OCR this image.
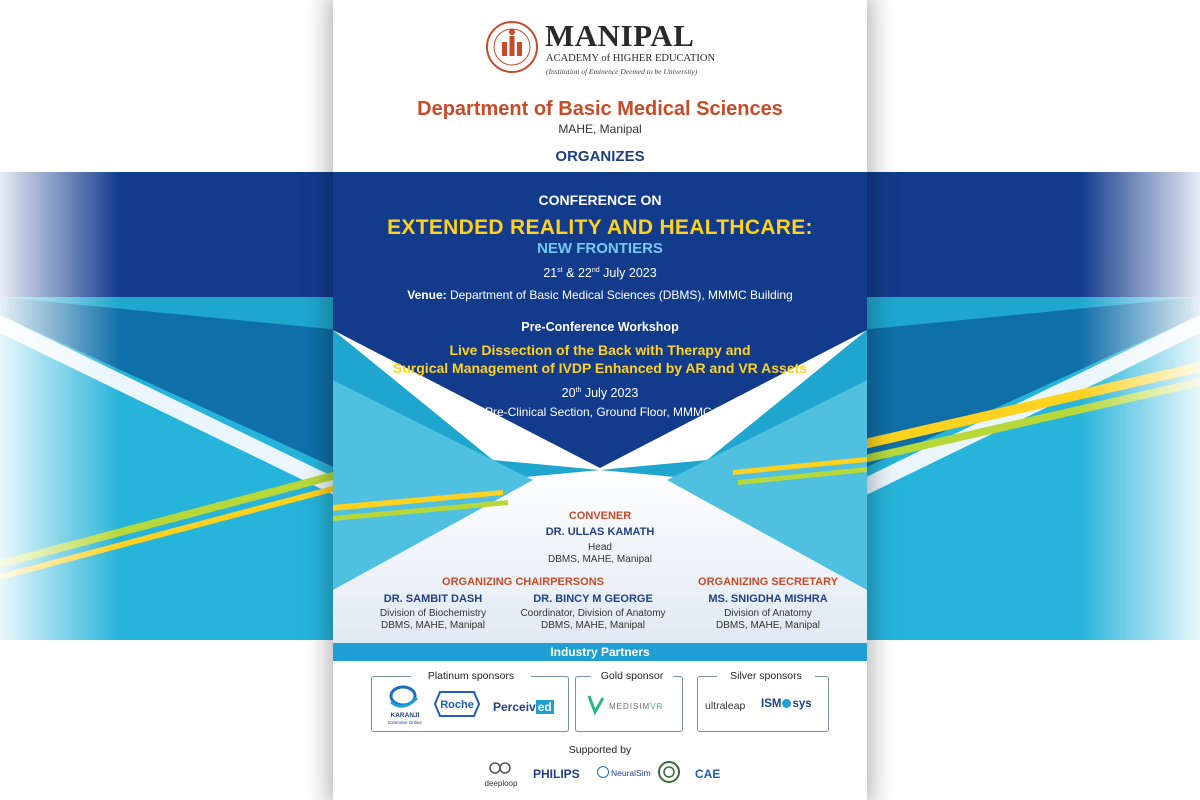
MANIPAL
ACADEMY of HIGHER EDUCATION
(Institution of Eminence Deemed to be University)
Department of Basic Medical Sciences
MAHE, Manipal
ORGANIZES
CONFERENCE ON
EXTENDED REALITY AND HEALTHCARE:
NEW FRONTIERS
21st & 22nd July 2023
Venue: Department of Basic Medical Sciences (DBMS), MMMC Building
Pre-Conference Workshop
Live Dissection of the Back with Therapy and
Surgical Management of IVDP Enhanced by AR and VR Assets
20th July 2023
Venue: Pre-Clinical Section, Ground Floor, MMMC Building
CONVENER
DR. ULLAS KAMATH
Head
DBMS, MAHE, Manipal
ORGANIZING CHAIRPERSONS
DR. SAMBIT DASH
Division of Biochemistry
DBMS, MAHE, Manipal
DR. BINCY M GEORGE
Coordinator, Division of Anatomy
DBMS, MAHE, Manipal
ORGANIZING SECRETARY
MS. SNIGDHA MISHRA
Division of Anatomy
DBMS, MAHE, Manipal
Industry Partners
Platinum sponsors
KARANJI
Extensive Online
Roche Perceiv ed
Gold sponsor
MEDISIMVR
Silver sponsors
ultraleap ISM sys
Supported by
deeploop
PHILIPS	NeuralSim	CAE
